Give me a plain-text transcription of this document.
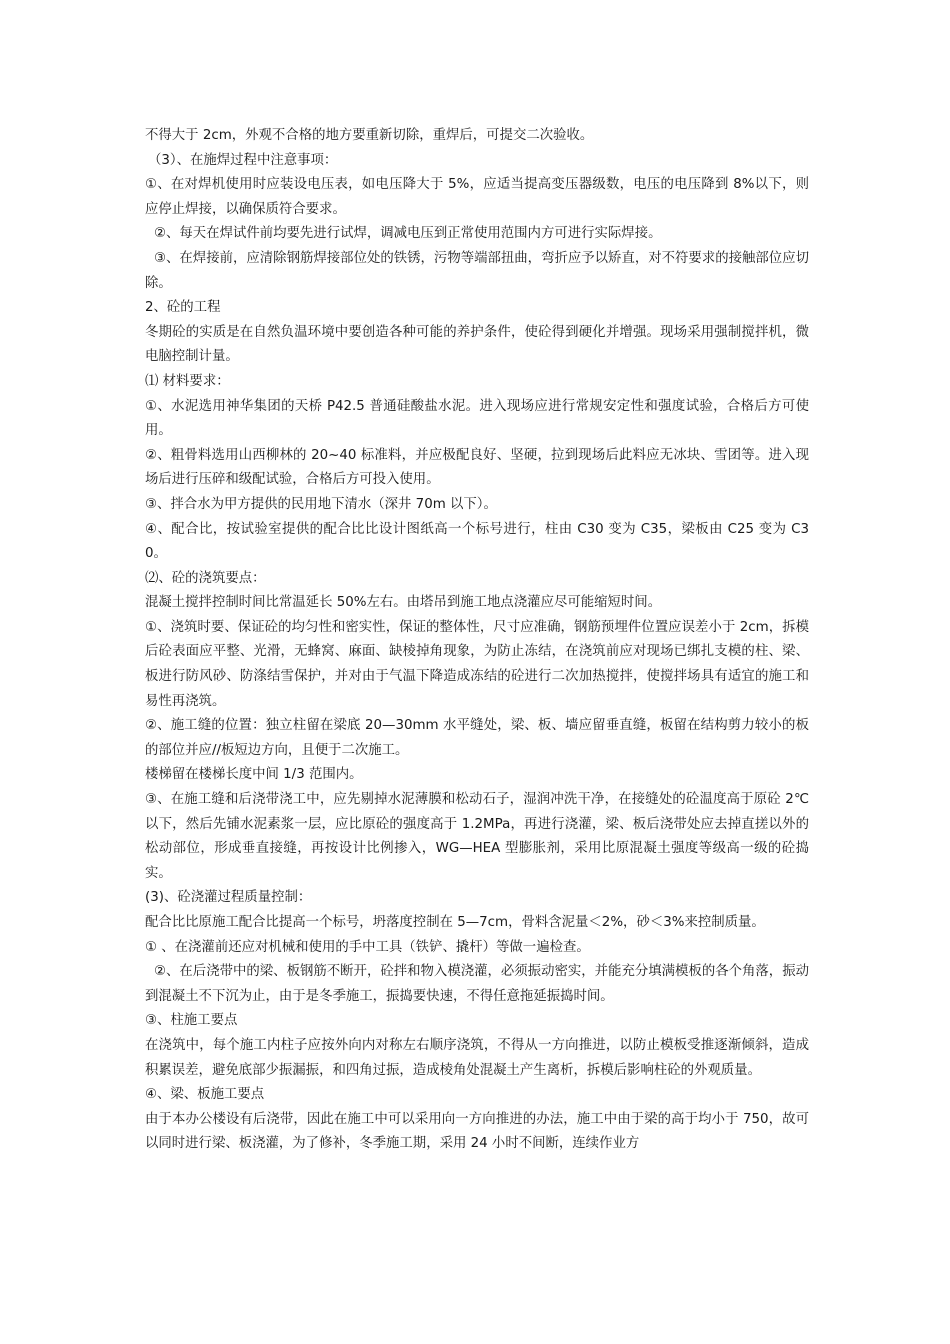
不得大于 2cm，外观不合格的地方要重新切除，重焊后，可提交二次验收。

（3）、在施焊过程中注意事项：

①、在对焊机使用时应装设电压表，如电压降大于 5%，应适当提高变压器级数，电压的电压降到 8%以下，则应停止焊接，以确保质符合要求。

②、每天在焊试件前均要先进行试焊，调减电压到正常使用范围内方可进行实际焊接。

③、在焊接前，应清除钢筋焊接部位处的铁锈，污物等端部扭曲，弯折应予以矫直，对不符要求的接触部位应切除。

2、砼的工程

冬期砼的实质是在自然负温环境中要创造各种可能的养护条件，使砼得到硬化并增强。现场采用强制搅拌机，微电脑控制计量。

⑴ 材料要求：

①、水泥选用神华集团的天桥 P42.5 普通硅酸盐水泥。进入现场应进行常规安定性和强度试验，合格后方可使用。

②、粗骨料选用山西柳林的 20~40 标准料，并应极配良好、坚硬，拉到现场后此料应无冰块、雪团等。进入现场后进行压碎和级配试验，合格后方可投入使用。

③、拌合水为甲方提供的民用地下清水（深井 70m 以下）。

④、配合比，按试验室提供的配合比比设计图纸高一个标号进行，柱由 C30 变为 C35，梁板由 C25 变为 C30。

⑵、砼的浇筑要点：

混凝土搅拌控制时间比常温延长 50%左右。由塔吊到施工地点浇灌应尽可能缩短时间。

①、浇筑时要、保证砼的均匀性和密实性，保证的整体性，尺寸应准确，钢筋预埋件位置应误差小于 2cm，拆模后砼表面应平整、光滑，无蜂窝、麻面、缺棱掉角现象，为防止冻结，在浇筑前应对现场已绑扎支模的柱、梁、板进行防风砂、防涤结雪保护，并对由于气温下降造成冻结的砼进行二次加热搅拌，使搅拌场具有适宜的施工和易性再浇筑。

②、施工缝的位置：独立柱留在梁底 20—30mm 水平缝处，梁、板、墙应留垂直缝，板留在结构剪力较小的板的部位并应//板短边方向，且便于二次施工。

楼梯留在楼梯长度中间 1/3 范围内。

③、在施工缝和后浇带浇工中，应先剔掉水泥薄膜和松动石子，湿润冲洗干净，在接缝处的砼温度高于原砼 2℃以下，然后先铺水泥素浆一层，应比原砼的强度高于 1.2MPa，再进行浇灌，梁、板后浇带处应去掉直搓以外的松动部位，形成垂直接缝，再按设计比例掺入，WG—HEA 型膨胀剂，采用比原混凝土强度等级高一级的砼捣实。

(3)、砼浇灌过程质量控制：

配合比比原施工配合比提高一个标号，坍落度控制在 5—7cm，骨料含泥量＜2%，砂＜3%来控制质量。

① 、在浇灌前还应对机械和使用的手中工具（铁铲、撬杆）等做一遍检查。

②、在后浇带中的梁、板钢筋不断开，砼拌和物入模浇灌，必须振动密实，并能充分填满模板的各个角落，振动到混凝土不下沉为止，由于是冬季施工，振捣要快速，不得任意拖延振捣时间。

③、柱施工要点

在浇筑中，每个施工内柱子应按外向内对称左右顺序浇筑，不得从一方向推进，以防止模板受推逐渐倾斜，造成积累误差，避免底部少振漏振，和四角过振，造成棱角处混凝土产生离析，拆模后影响柱砼的外观质量。

④、梁、板施工要点

由于本办公楼设有后浇带，因此在施工中可以采用向一方向推进的办法，施工中由于梁的高于均小于 750，故可以同时进行梁、板浇灌，为了修补，冬季施工期，采用 24 小时不间断，连续作业方
